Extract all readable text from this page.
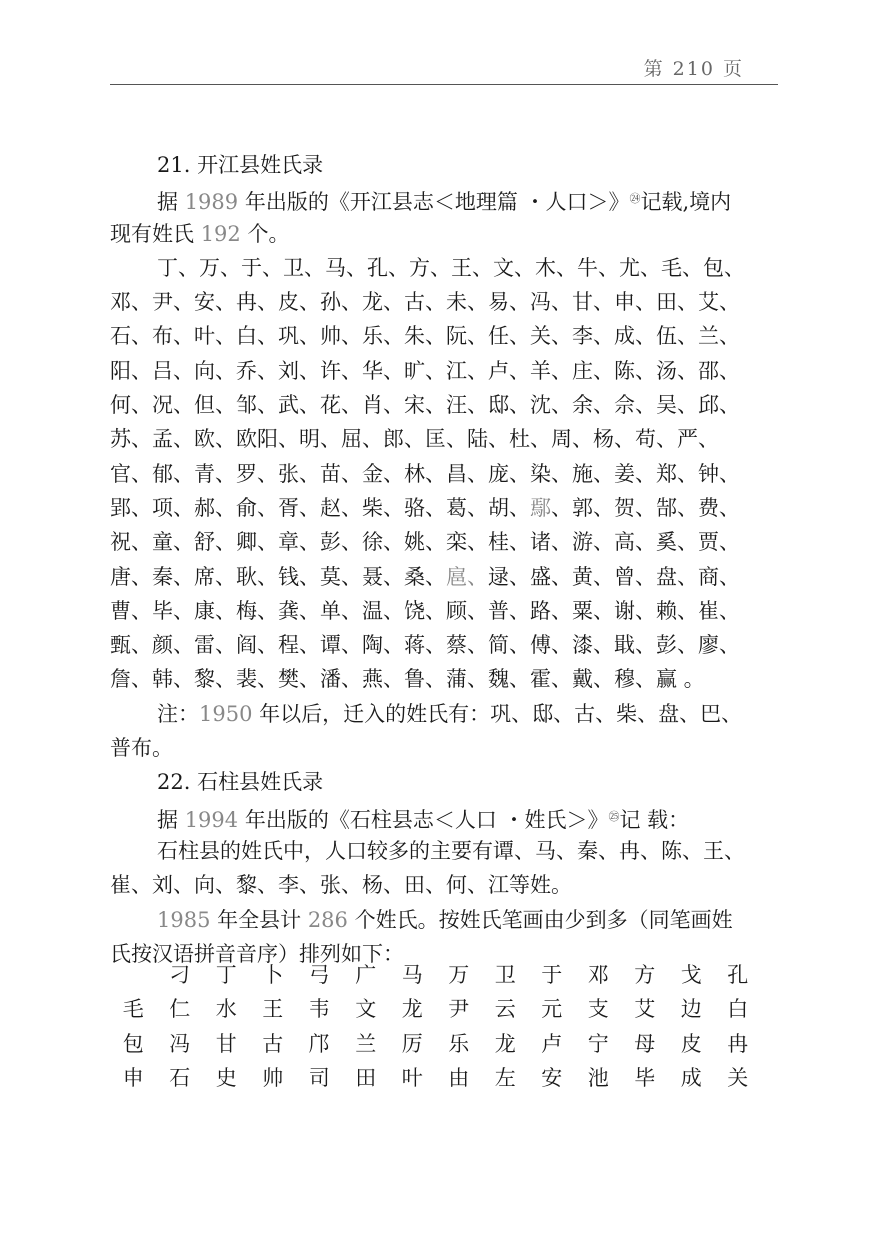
第 210 页
21. 开江县姓氏录
据 1989 年出版的《开江县志＜地理篇 ・人口＞》$^㉔$记载,境内
现有姓氏 192 个。
丁、万、于、卫、马、孔、方、王、文、木、牛、尤、毛、包、
邓、尹、安、冉、皮、孙、龙、古、未、易、冯、甘、申、田、艾、
石、布、叶、白、巩、帅、乐、朱、阮、任、关、李、成、伍、兰、
阳、吕、向、乔、刘、许、华、旷、江、卢、羊、庄、陈、汤、邵、
何、况、但、邹、武、花、肖、宋、汪、邸、沈、余、佘、吴、邱、
苏、孟、欧、欧阳、明、屈、郎、匡、陆、杜、周、杨、苟、严、
官、郁、青、罗、张、苗、金、林、昌、庞、染、施、姜、郑、钟、
郢、项、郝、俞、胥、赵、柴、骆、葛、胡、鄢、郭、贺、郜、费、
祝、童、舒、卿、章、彭、徐、姚、栾、桂、诸、游、高、奚、贾、
唐、秦、席、耿、钱、莫、聂、桑、扈、逯、盛、黄、曾、盘、商、
曹、毕、康、梅、龚、单、温、饶、顾、普、路、粟、谢、赖、崔、
甄、颜、雷、阎、程、谭、陶、蒋、蔡、简、傅、漆、戢、彭、廖、
詹、韩、黎、裴、樊、潘、燕、鲁、蒲、魏、霍、戴、穆、赢 。
注：1950 年以后，迁入的姓氏有：巩、邸、古、柴、盘、巴、
普布。
22. 石柱县姓氏录
据 1994 年出版的《石柱县志＜人口 ・姓氏＞》$^㉕$记 载：
石柱县的姓氏中，人口较多的主要有谭、马、秦、冉、陈、王、
崔、刘、向、黎、李、张、杨、田、何、江等姓。
1985 年全县计 286 个姓氏。按姓氏笔画由少到多（同笔画姓
氏按汉语拼音音序）排列如下：
刁	丁	卜	弓	广	马	万	卫	于	邓	方	戈	孔
毛	仁	水	王	韦	文	龙	尹	云	元	支	艾	边	白
包	冯	甘	古	邝	兰	厉	乐	龙	卢	宁	母	皮	冉
申	石	史	帅	司	田	叶	由	左	安	池	毕	成	关
